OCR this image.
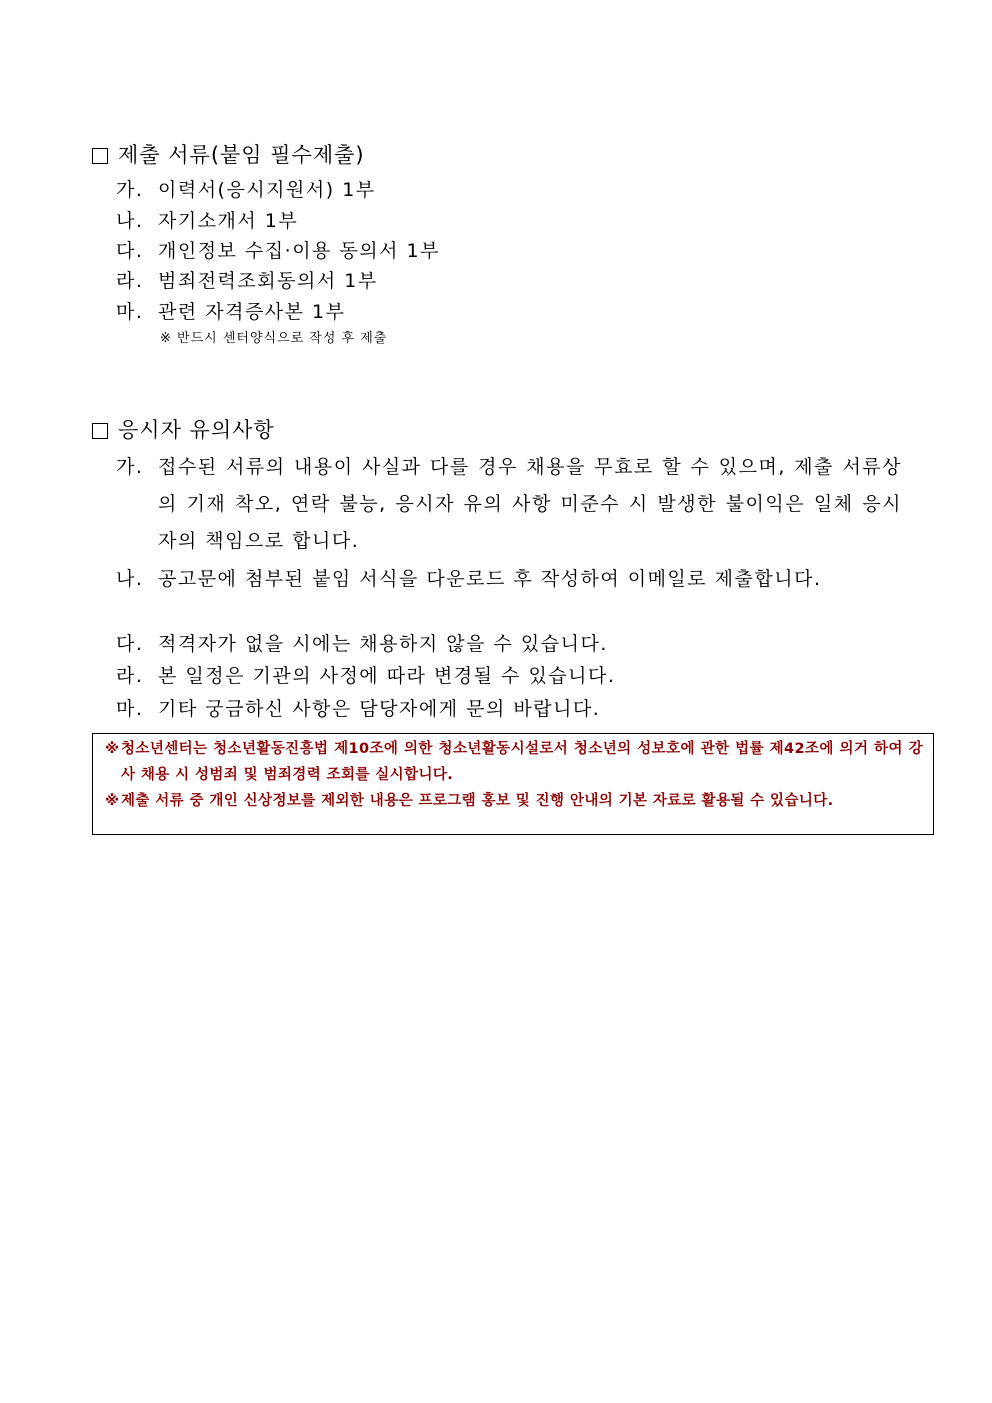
제출 서류(붙임 필수제출)
가. 이력서(응시지원서) 1부
나. 자기소개서 1부
다. 개인정보 수집·이용 동의서 1부
라. 범죄전력조회동의서 1부
마. 관련 자격증사본 1부
※ 반드시 센터양식으로 작성 후 제출
응시자 유의사항
가. 접수된 서류의 내용이 사실과 다를 경우 채용을 무효로 할 수 있으며, 제출 서류상의 기재 착오, 연락 불능, 응시자 유의 사항 미준수 시 발생한 불이익은 일체 응시자의 책임으로 합니다.
나. 공고문에 첨부된 붙임 서식을 다운로드 후 작성하여 이메일로 제출합니다.
다. 적격자가 없을 시에는 채용하지 않을 수 있습니다.
라. 본 일정은 기관의 사정에 따라 변경될 수 있습니다.
마. 기타 궁금하신 사항은 담당자에게 문의 바랍니다.
※ 청소년센터는 청소년활동진흥법 제10조에 의한 청소년활동시설로서 청소년의 성보호에 관한 법률 제42조에 의거 하여 강사 채용 시 성범죄 및 범죄경력 조회를 실시합니다.
※ 제출 서류 중 개인 신상정보를 제외한 내용은 프로그램 홍보 및 진행 안내의 기본 자료로 활용될 수 있습니다.
